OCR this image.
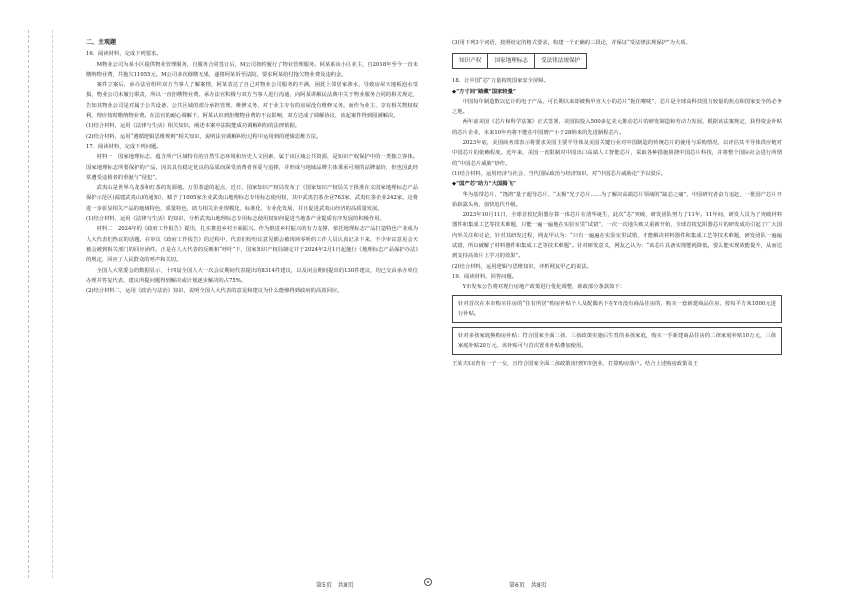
二、主观题

16．阅读材料，完成下列要求。

M物业公司为某小区提供物业管理服务，自服务合同签订后，M公司按约履行了物业管理服务。阿某系该小区业主，自2018年至今一直未缴纳物业费，共拖欠11055元。M公司多次催缴无果，遂将阿某诉至法院，要求阿某给付拖欠物业费及违约金。

案件立案后，承办法官组织双方当事人了解案情，阿某表达了自己对物业公司服务的不满，困扰上邻居家渗水，导致房屋天地板泡水受损，物业公司未履行职责，所以一直拒缴物业费。承办法官积极与双方当事人进行沟通，向阿某讲解民法典中关于物业服务合同的相关规定，告知其物业公司是对属于公共设备、公共区域的部分承担管理、维修义务，对于业主专有的房屋没有维修义务。而作为业主，享有相关物权权利，理应按时缴纳物业费。在法官的耐心调解下，阿某认识到拒缴物业费的不良影响，双方达成了调解协议，该起案件得到圆满解决。

(1)结合材料，运用《法律与生活》相关知识，阐述本案中法院能成功调解纠纷的法律依据。

(2)结合材料，运用“遵循逻辑思维规则”相关知识，说明法官调解纠纷过程中运用到的逻辑思维方法。

17．阅读材料，完成下列问题。

材料一　国家地理标志，蕴含所产区域特有的自然生态环境和历史人文因素，属于该区域公共资源，是知识产权保护中的一类独立客体。国家地理标志所要保护的产品，因其具有稳定优良的品质而深受消费者喜爱与追捧，并形成与地域品牌主体秉承可观的品牌溢价，但也因此经常遭受违假者的垂涎与“侵犯”。

武夷山是世界乌龙茶和红茶的发源地。万里茶道的起点，近日，国家知识产权局发布了《国家知识产权局关于批准在义国家地理标志产品保护示范区(福建武夷山)的通知》，赋予了1005家企业武夷山地理标志专用标志使用权，其中武夷岩茶企业763家、武夷红茶企业242家。这将进一步彰显相关产品的地域特色，质量特色，助力相关企业规模化、标准化、专业化发展，并且促进武夷山经济的高质量发展。

(1)结合材料，运用《法律与生活》的知识，分析武夷山地理标志专用标志使用权如何促进当地茶产业提质有序发展的积极作用。

材料二　2024年的《政府工作报告》提出，扎实推进乡村全面振兴。作为推进乡村振兴的有力支撑，依托地理标志产品打造特色产业成为人大代表们热议的话题。在审议《政府工作报告》的过程中，代表们纷纷议意见都会被现场零听的工作人员认真记录下来，不少审议意见会天被会被到相关部门的回应函件。正是在人大代表的反映和“呼吁”下，国家知识产权局制定并于2024年2月1日起施行《地理标志产品保护办法》的规定，回应了人民群众的呼声和关切。

全国人大常委会的数据显示，十四届全国人大一次会议期间代表提出的8314件建议，以及闭会期间提出的130件建议，均已交由承办单位办理并答复代表，建议所提问题得到解决或计划逐步解决的占75%。

(2)结合材料二，运用《政治与法治》知识，说明全国人大代表的意见和建议为什么能够得到政府的高效回应。

(3)用下列3个词语，按照给定的格式要求，构建一个正确的三段论，并保证“受法律法规保护”为大项。

知识产权	国家地理标志	受法律法规保护

18．让中国“芯”力量构筑国家安全屏障。

◆“方寸间”踏藏“国家较量”

中国每年制造数以亿计的电子产品，可长期以来却被狗甲直大小的芯片“扼住喉咙”，芯片是全球高科技国力较量的焦点和国家安全的必争之地。

两年前美国《芯片和科学法案》正式签署，美国拟投入500多亿美元推动芯片的研发制造和劳动力发展。根据该法案规定，获得资金补贴的芯片企业，未来10年内将不能在中国增产小于28纳米的先进制程芯片。

2023年底，美国商务部表示将要求美国主要半导体及美国关键行业对中国制造的传统芯片的使用与采购情况，以评估其半导体供应链对中国芯片的依赖程度。近年来，美国一直限制对中国出口高端人工智能芯片，采取各种措施阻挠中国芯片科技，并将整个国际社会进行所谓的“中国芯片威胁”炒作。

(1)结合材料，运用经济与社会、当代国际政治与经济知识，对“中国芯片威胁论”予以驳斥。

◆“国产芯”助力“大国腾飞”

华为基带芯片、“饶鸿”量子超导芯片、“太极”光子芯片……为了解决高端芯片领域的“缺芯之痛”，中国研究者奋力追赶，一批国产芯片开始崭露头角，加快追代升级。

2023年10月11日，全球首枚忆阻器存算一体芯片在清华诞生，此次“芯”突破，研发团队努力了11年。11年间，研发人员为了突破材料器件和集成工艺等技术难题，只能一遍一遍地在实验室里“试错”，一次一次地失败又重新开始，全球首枚忆阻器芯片的研发成功引起了广大国内外关注和讨论，针对其研发过程，网友甲认为：“只有一遍遍在实验室里试错，才能解决材料器件和集成工艺等技术难题，研发团队一遍遍试错，所以破解了材料器件和集成工艺等技术难题”。针对研发意义，网友乙认为：“该芯片具备实现能耗降低，要么能实现效能提升，从而达到支持高效片上学习的效果”。

(2)结合材料，运用逻辑与思维知识，评析网友甲乙的说法。

19．阅读材料，回答问题。

Y市发布公告将对现行房地产政策进行优化调整，新政部分条款如下：

针对首次在本市购买住房的“住有所居”购房补贴个人及配偶名下在Y市没有商品住房的，购买一套新建商品住房，按每平方米1000元进行补贴。

针对多孩家庭换购房补贴：符合国家全面二孩、三孩政策实施后生育的多孩家庭，购买一手新建商品住房的二孩家庭补贴10万元，三孩家庭补贴20万元，该补贴可与首次置业补贴叠加使用。

王某夫妇(育有一子一女，且符合国家全面二孩政策)好到Y市创业，打算购房落户。结合上述购房政策及王

第5页　共8页	第6页　共8页
